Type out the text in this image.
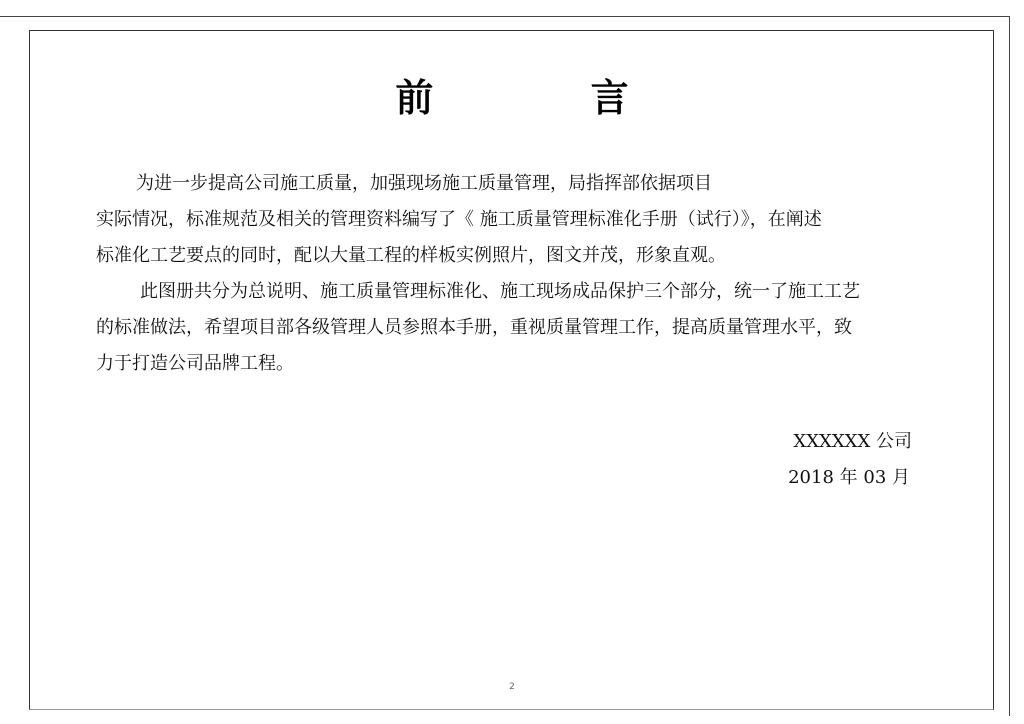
前 言

为进一步提高公司施工质量，加强现场施工质量管理，局指挥部依据项目
实际情况，标准规范及相关的管理资料编写了《 施工质量管理标准化手册（试行）》，在阐述
标准化工艺要点的同时，配以大量工程的样板实例照片，图文并茂，形象直观。

此图册共分为总说明、施工质量管理标准化、施工现场成品保护三个部分，统一了施工工艺
的标准做法，希望项目部各级管理人员参照本手册，重视质量管理工作，提高质量管理水平，致
力于打造公司品牌工程。

XXXXXX 公司
2018 年 03 月
2
